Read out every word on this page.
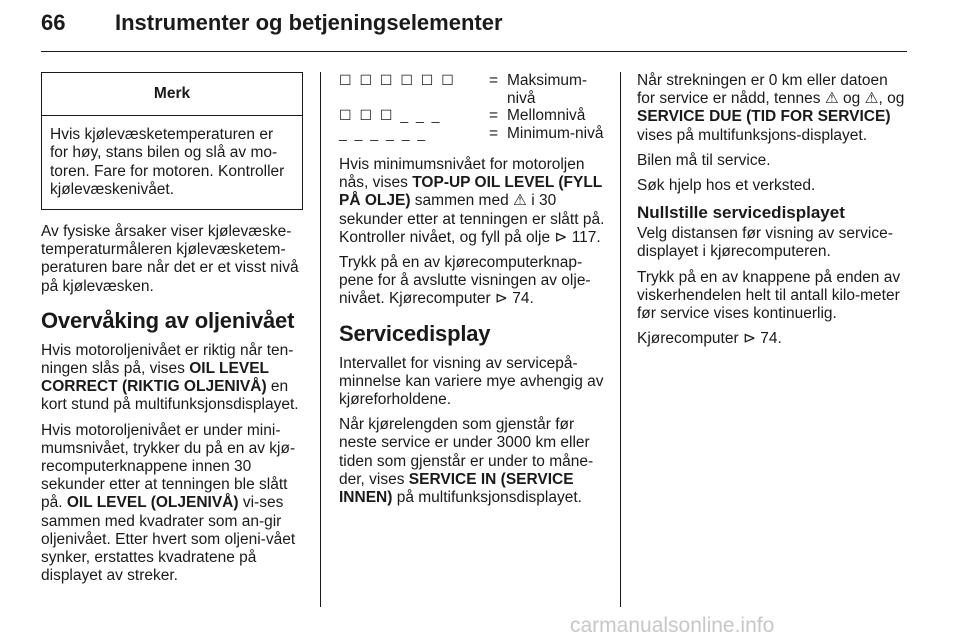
66 Instrumenter og betjeningselementer
Merk
Hvis kjølevæsketemperaturen er for høy, stans bilen og slå av mo-toren. Fare for motoren. Kontroller kjølevæskenivået.

Av fysiske årsaker viser kjølevæske-temperaturmåleren kjølevæsketem-peraturen bare når det er et visst nivå på kjølevæsken.

Overvåking av oljenivået

Hvis motoroljenivået er riktig når ten-ningen slås på, vises OIL LEVEL CORRECT (RIKTIG OLJENIVÅ) en kort stund på multifunksjonsdisplayet.

Hvis motoroljenivået er under mini-mumsnivået, trykker du på en av kjø-recomputerknappene innen 30 sekunder etter at tenningen ble slått på. OIL LEVEL (OLJENIVÅ) vi-ses sammen med kvadrater som an-gir oljenivået. Etter hvert som oljeni-vået synker, erstattes kvadratene på displayet av streker.

☐ ☐ ☐ ☐ ☐ ☐	=	Maksimum-nivå
☐ ☐ ☐ _ _ _	=	Mellomnivå
_ _ _ _ _ _	=	Minimum-nivå

Hvis minimumsnivået for motoroljen nås, vises TOP-UP OIL LEVEL (FYLL PÅ OLJE) sammen med ⚠ i 30 sekunder etter at tenningen er slått på. Kontroller nivået, og fyll på olje ⊳ 117.

Trykk på en av kjørecomputerknap-pene for å avslutte visningen av olje-nivået. Kjørecomputer ⊳ 74.

Servicedisplay

Intervallet for visning av servicepå-minnelse kan variere mye avhengig av kjøreforholdene.

Når kjørelengden som gjenstår før neste service er under 3000 km eller tiden som gjenstår er under to måne-der, vises SERVICE IN (SERVICE INNEN) på multifunksjonsdisplayet.

Når strekningen er 0 km eller datoen for service er nådd, tennes ⚠ og ⚠, og SERVICE DUE (TID FOR SERVICE) vises på multifunksjons-displayet.

Bilen må til service.

Søk hjelp hos et verksted.

Nullstille servicedisplayet

Velg distansen før visning av service-displayet i kjørecomputeren.

Trykk på en av knappene på enden av viskerhendelen helt til antall kilo-meter før service vises kontinuerlig.

Kjørecomputer ⊳ 74.

carmanualsonline.info
